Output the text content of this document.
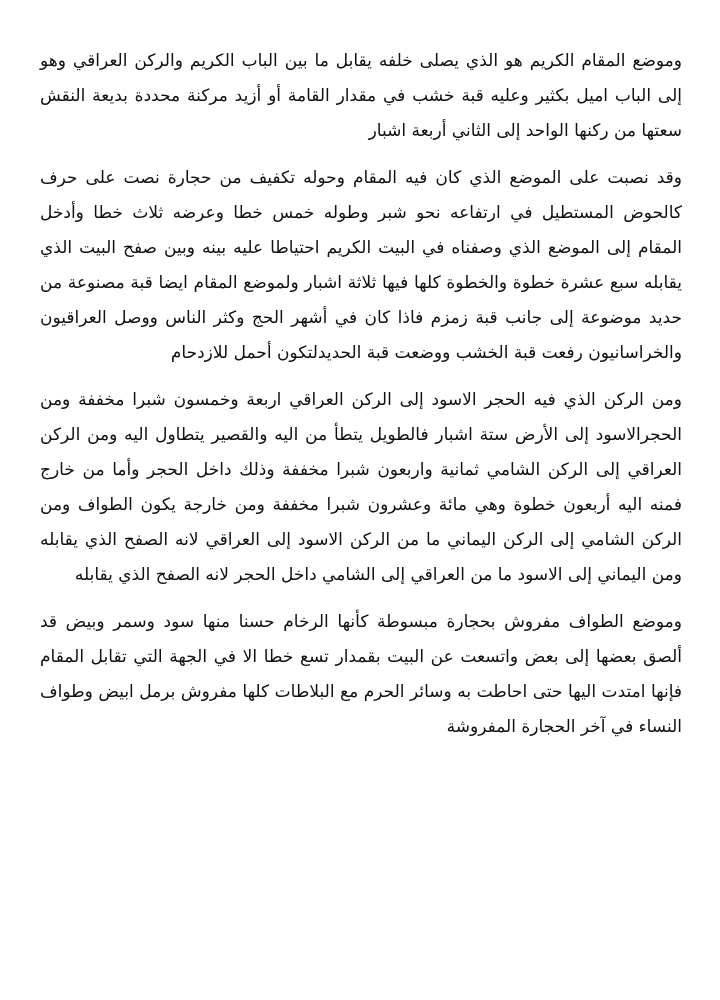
وموضع المقام الكريم هو الذي يصلى خلفه يقابل ما بين الباب الكريم والركن العراقي وهو إلى الباب اميل بكثير وعليه قبة خشب في مقدار القامة أو أزيد مركنة محددة بديعة النقش سعتها من ركنها الواحد إلى الثاني أربعة اشبار

وقد نصبت على الموضع الذي كان فيه المقام وحوله تكفيف من حجارة نصت على حرف كالحوض المستطيل في ارتفاعه نحو شبر وطوله خمس خطا وعرضه ثلاث خطا وأدخل المقام إلى الموضع الذي وصفناه في البيت الكريم احتياطا عليه بينه وبين صفح البيت الذي يقابله سبع عشرة خطوة والخطوة كلها فيها ثلاثة اشبار ولموضع المقام ايضا قبة مصنوعة من حديد موضوعة إلى جانب قبة زمزم فاذا كان في أشهر الحج وكثر الناس ووصل العراقيون والخراسانيون رفعت قبة الخشب ووضعت قبة الحديدلتكون أحمل للازدحام

ومن الركن الذي فيه الحجر الاسود إلى الركن العراقي اربعة وخمسون شبرا مخففة ومن الحجرالاسود إلى الأرض ستة اشبار فالطويل يتطأ من اليه والقصير يتطاول اليه ومن الركن العراقي إلى الركن الشامي ثمانية واربعون شبرا مخففة وذلك داخل الحجر وأما من خارج فمنه اليه أربعون خطوة وهي مائة وعشرون شبرا مخففة ومن خارجة يكون الطواف ومن الركن الشامي إلى الركن اليماني ما من الركن الاسود إلى العراقي لانه الصفح الذي يقابله ومن اليماني إلى الاسود ما من العراقي إلى الشامي داخل الحجر لانه الصفح الذي يقابله

وموضع الطواف مفروش بحجارة مبسوطة كأنها الرخام حسنا منها سود وسمر وبيض قد ألصق بعضها إلى بعض واتسعت عن البيت بقمدار تسع خطا الا في الجهة التي تقابل المقام فإنها امتدت اليها حتى احاطت به وسائر الحرم مع البلاطات كلها مفروش برمل ابيض وطواف النساء في آخر الحجارة المفروشة
